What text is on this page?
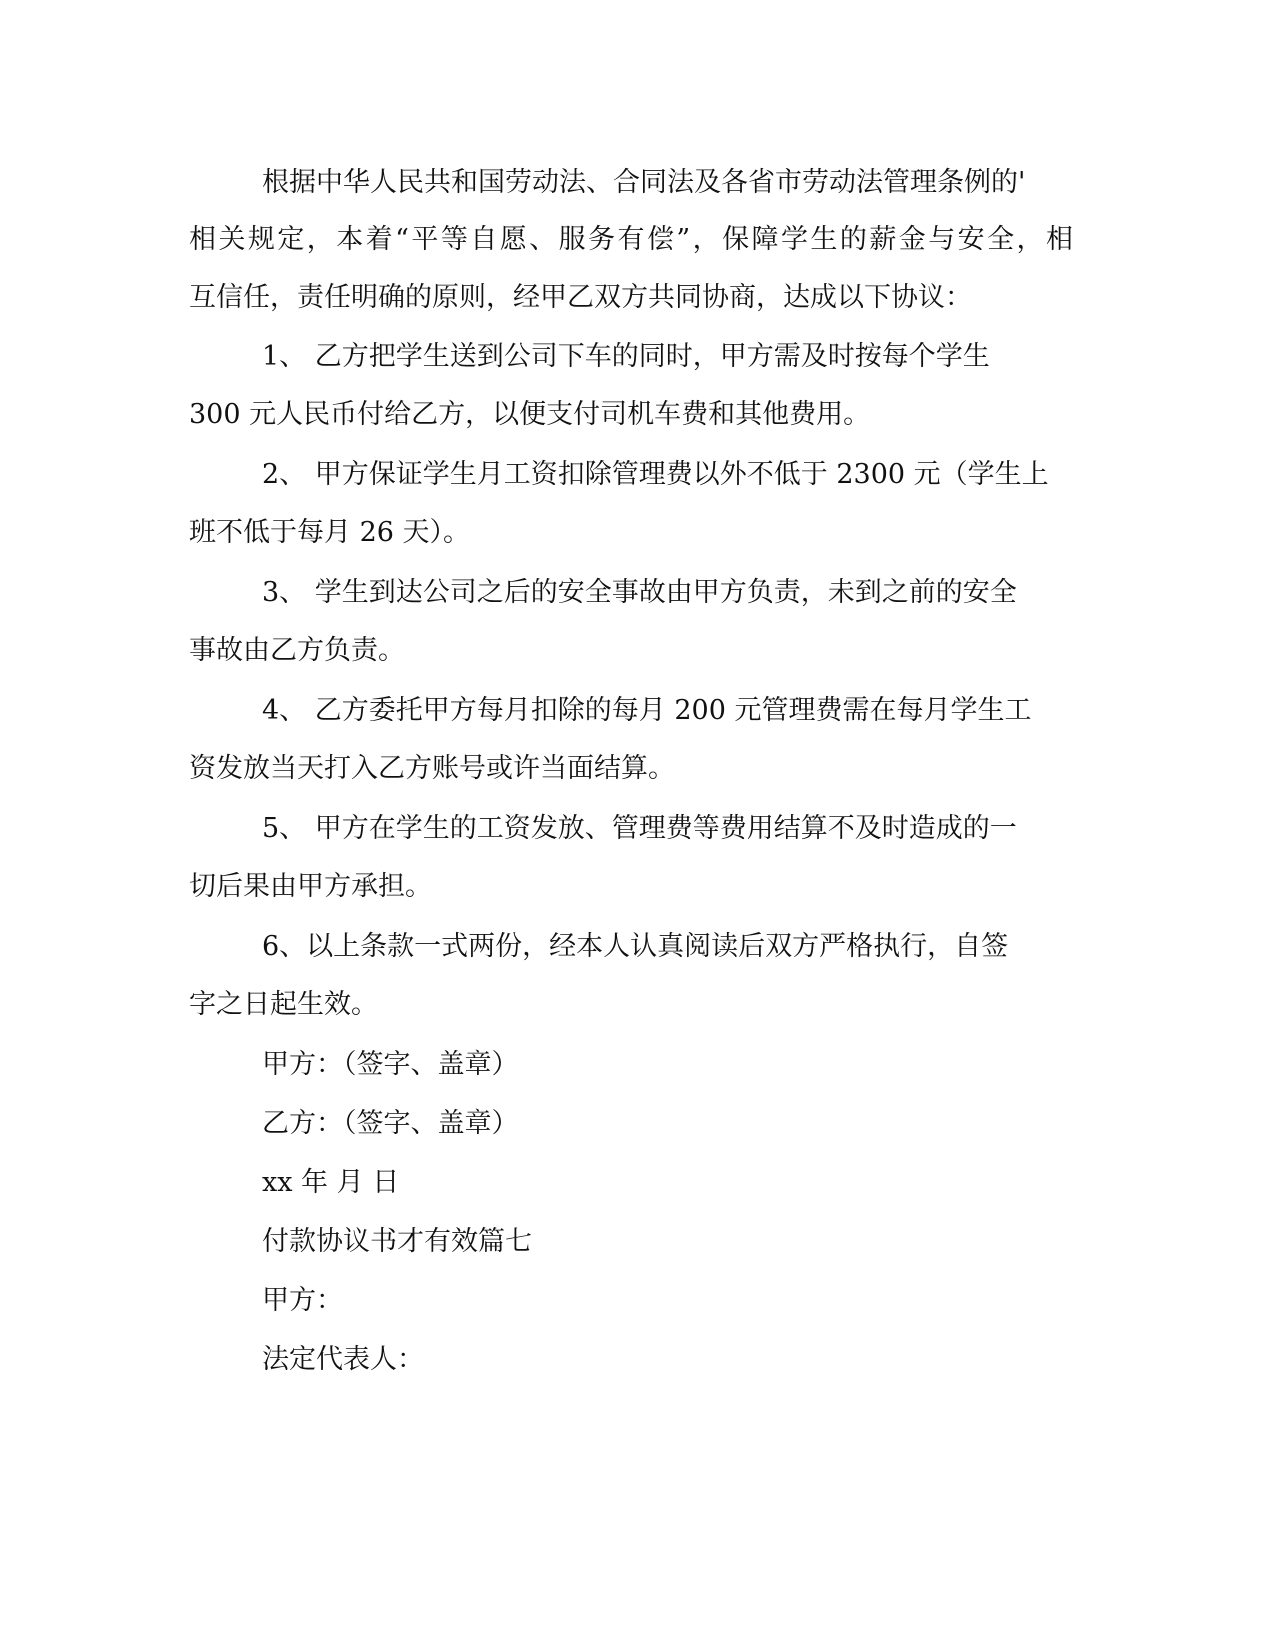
根据中华人民共和国劳动法、合同法及各省市劳动法管理条例的'
相关规定，本着“平等自愿、服务有偿”，保障学生的薪金与安全，相
互信任，责任明确的原则，经甲乙双方共同协商，达成以下协议：
1、 乙方把学生送到公司下车的同时，甲方需及时按每个学生
300 元人民币付给乙方，以便支付司机车费和其他费用。
2、 甲方保证学生月工资扣除管理费以外不低于 2300 元（学生上
班不低于每月 26 天）。
3、 学生到达公司之后的安全事故由甲方负责，未到之前的安全
事故由乙方负责。
4、 乙方委托甲方每月扣除的每月 200 元管理费需在每月学生工
资发放当天打入乙方账号或许当面结算。
5、 甲方在学生的工资发放、管理费等费用结算不及时造成的一
切后果由甲方承担。
6、以上条款一式两份，经本人认真阅读后双方严格执行，自签
字之日起生效。
甲方：（签字、盖章）
乙方：（签字、盖章）
xx 年 月 日
付款协议书才有效篇七
甲方：
法定代表人：
